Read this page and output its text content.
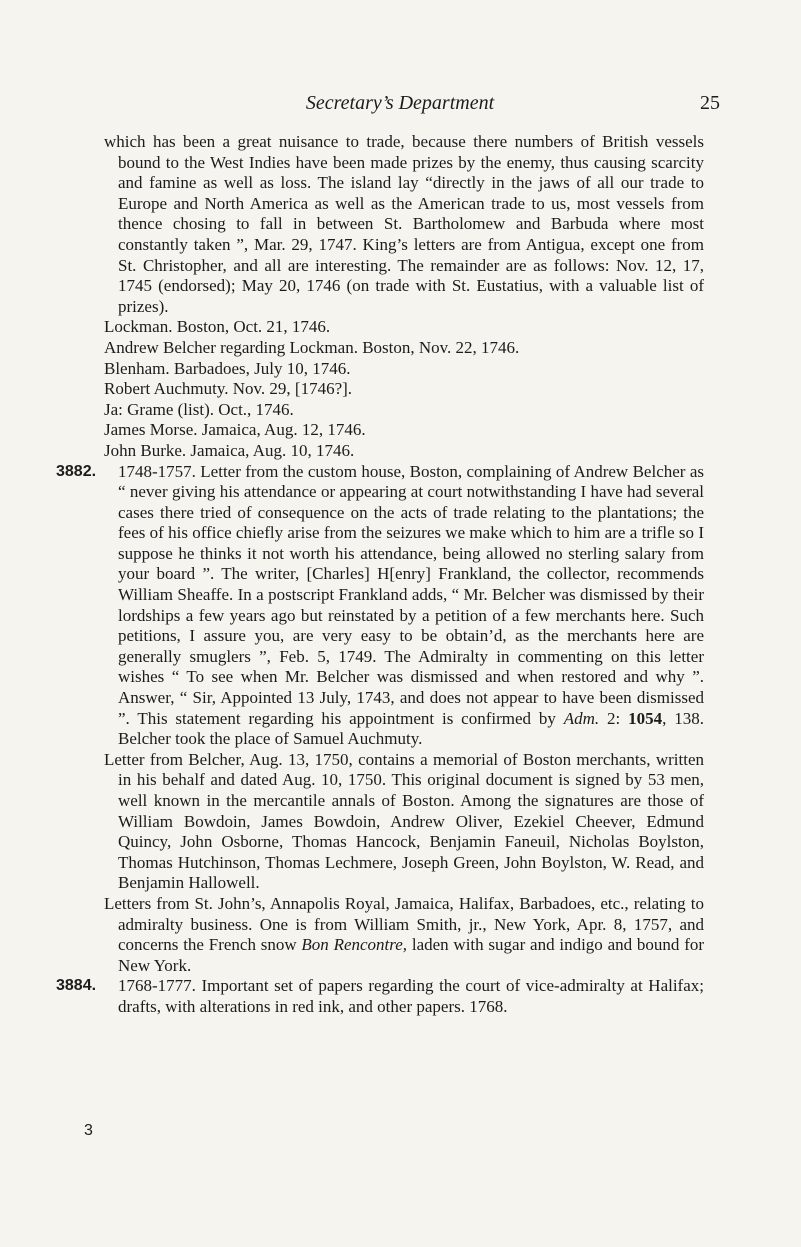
Secretary’s Department	25

which has been a great nuisance to trade, because there numbers of British vessels bound to the West Indies have been made prizes by the enemy, thus causing scarcity and famine as well as loss. The island lay “directly in the jaws of all our trade to Europe and North America as well as the American trade to us, most vessels from thence chosing to fall in between St. Bartholomew and Barbuda where most constantly taken ”, Mar. 29, 1747. King’s letters are from Antigua, except one from St. Christopher, and all are interesting. The remainder are as follows: Nov. 12, 17, 1745 (endorsed); May 20, 1746 (on trade with St. Eustatius, with a valuable list of prizes).

Lockman. Boston, Oct. 21, 1746.

Andrew Belcher regarding Lockman. Boston, Nov. 22, 1746.

Blenham. Barbadoes, July 10, 1746.

Robert Auchmuty. Nov. 29, [1746?].

Ja: Grame (list). Oct., 1746.

James Morse. Jamaica, Aug. 12, 1746.

John Burke. Jamaica, Aug. 10, 1746.

3882. 1748-1757. Letter from the custom house, Boston, complaining of Andrew Belcher as “ never giving his attendance or appearing at court notwithstanding I have had several cases there tried of consequence on the acts of trade relating to the plantations; the fees of his office chiefly arise from the seizures we make which to him are a trifle so I suppose he thinks it not worth his attendance, being allowed no sterling salary from your board ”. The writer, [Charles] H[enry] Frankland, the collector, recommends William Sheaffe. In a postscript Frankland adds, “ Mr. Belcher was dismissed by their lordships a few years ago but reinstated by a petition of a few merchants here. Such petitions, I assure you, are very easy to be obtain’d, as the merchants here are generally smuglers ”, Feb. 5, 1749. The Admiralty in commenting on this letter wishes “ To see when Mr. Belcher was dismissed and when restored and why ”. Answer, “ Sir, Appointed 13 July, 1743, and does not appear to have been dismissed ”. This statement regarding his appointment is confirmed by Adm. 2: 1054, 138. Belcher took the place of Samuel Auchmuty.

Letter from Belcher, Aug. 13, 1750, contains a memorial of Boston merchants, written in his behalf and dated Aug. 10, 1750. This original document is signed by 53 men, well known in the mercantile annals of Boston. Among the signatures are those of William Bowdoin, James Bowdoin, Andrew Oliver, Ezekiel Cheever, Edmund Quincy, John Osborne, Thomas Hancock, Benjamin Faneuil, Nicholas Boylston, Thomas Hutchinson, Thomas Lechmere, Joseph Green, John Boylston, W. Read, and Benjamin Hallowell.

Letters from St. John’s, Annapolis Royal, Jamaica, Halifax, Barbadoes, etc., relating to admiralty business. One is from William Smith, jr., New York, Apr. 8, 1757, and concerns the French snow Bon Rencontre, laden with sugar and indigo and bound for New York.

3884. 1768-1777. Important set of papers regarding the court of vice-admiralty at Halifax; drafts, with alterations in red ink, and other papers. 1768.

3
